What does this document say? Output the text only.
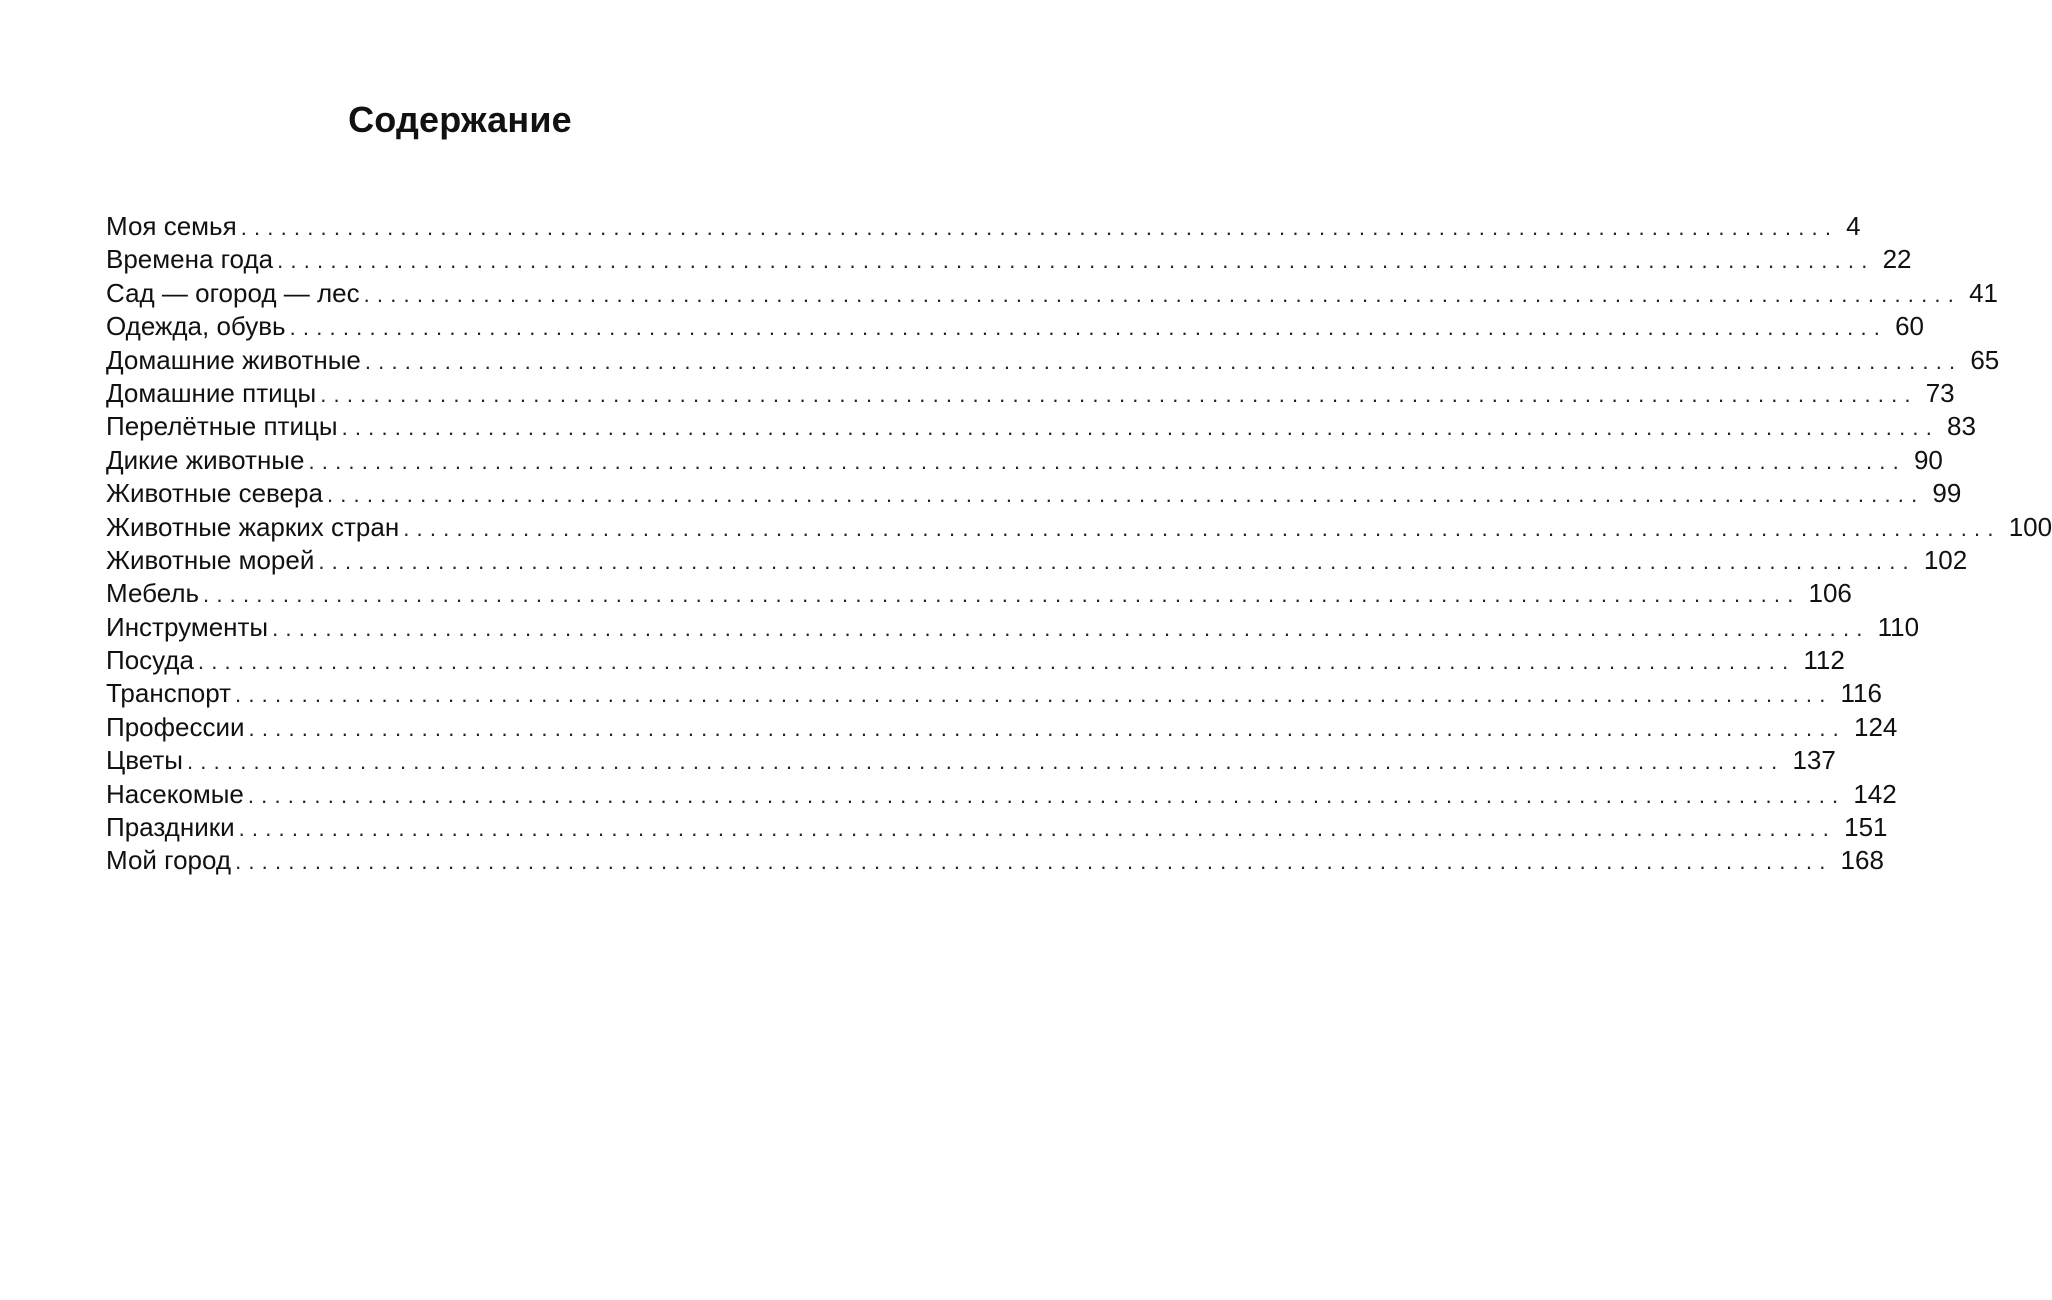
Содержание
Моя семья ........................................................................................................................ 4
Времена года ........................................................................................................................ 22
Сад — огород — лес ........................................................................................................................ 41
Одежда, обувь ........................................................................................................................ 60
Домашние животные ........................................................................................................................ 65
Домашние птицы ........................................................................................................................ 73
Перелётные птицы ........................................................................................................................ 83
Дикие животные ........................................................................................................................ 90
Животные севера ........................................................................................................................ 99
Животные жарких стран ........................................................................................................................ 100
Животные морей ........................................................................................................................ 102
Мебель ........................................................................................................................ 106
Инструменты ........................................................................................................................ 110
Посуда ........................................................................................................................ 112
Транспорт ........................................................................................................................ 116
Профессии ........................................................................................................................ 124
Цветы ........................................................................................................................ 137
Насекомые ........................................................................................................................ 142
Праздники ........................................................................................................................ 151
Мой город ........................................................................................................................ 168
